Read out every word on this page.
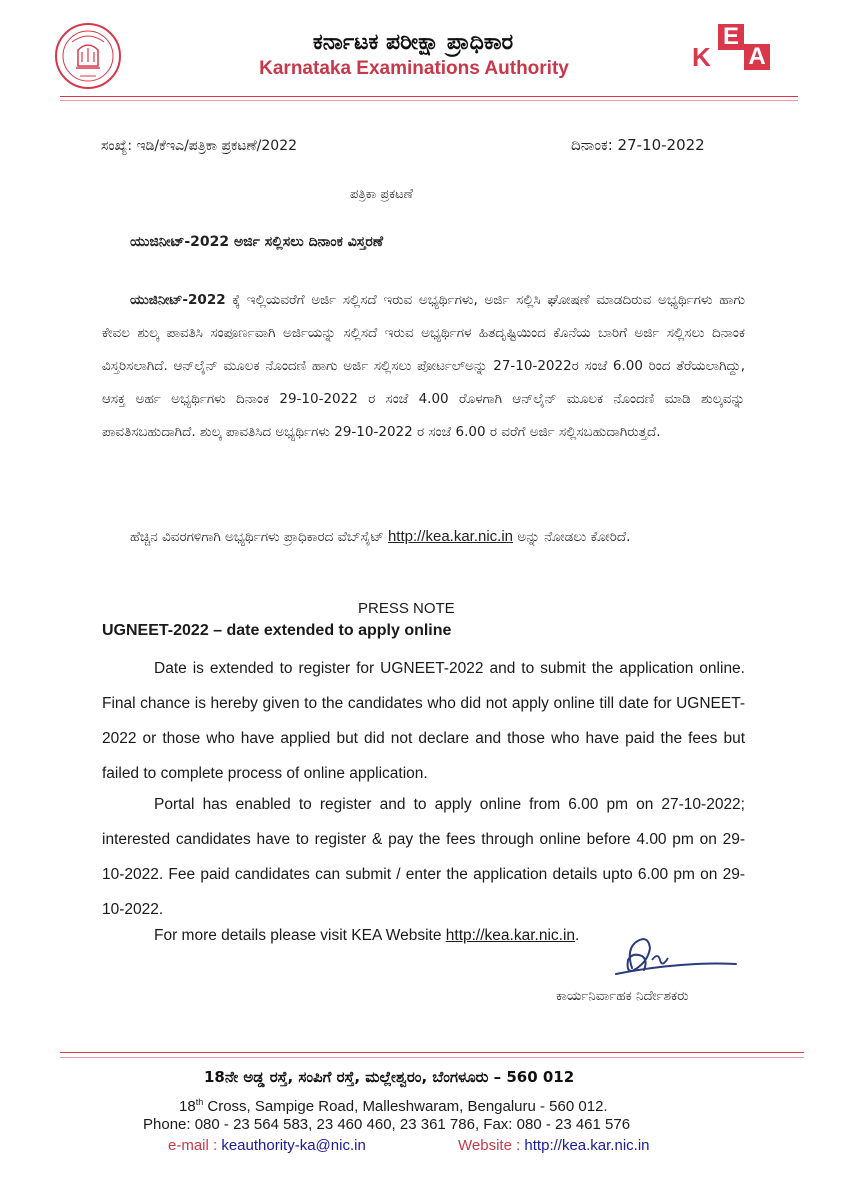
ಕರ್ನಾಟಕ ಪರೀಕ್ಷಾ ಪ್ರಾಧಿಕಾರ
Karnataka Examinations Authority
E
A
K
ಸಂಖ್ಯೆ: ಇಡಿ/ಕೆಇಎ/ಪತ್ರಿಕಾ ಪ್ರಕಟಣೆ/2022	ದಿನಾಂಕ: 27-10-2022
ಪತ್ರಿಕಾ ಪ್ರಕಟಣೆ
ಯುಜಿನೀಟ್-2022 ಅರ್ಜಿ ಸಲ್ಲಿಸಲು ದಿನಾಂಕ ವಿಸ್ತರಣೆ
ಯುಜಿನೀಟ್-2022 ಕ್ಕೆ ಇಲ್ಲಿಯವರೆಗೆ ಅರ್ಜಿ ಸಲ್ಲಿಸದೆ ಇರುವ ಅಭ್ಯರ್ಥಿಗಳು, ಅರ್ಜಿ ಸಲ್ಲಿಸಿ ಘೋಷಣೆ ಮಾಡದಿರುವ ಅಭ್ಯರ್ಥಿಗಳು ಹಾಗು ಕೇವಲ ಶುಲ್ಕ ಪಾವತಿಸಿ ಸಂಪೂರ್ಣವಾಗಿ ಅರ್ಜಿಯನ್ನು ಸಲ್ಲಿಸದೆ ಇರುವ ಅಭ್ಯರ್ಥಿಗಳ ಹಿತದೃಷ್ಟಿಯಿಂದ ಕೊನೆಯ ಬಾರಿಗೆ ಅರ್ಜಿ ಸಲ್ಲಿಸಲು ದಿನಾಂಕ ವಿಸ್ತರಿಸಲಾಗಿದೆ. ಆನ್‌ಲೈನ್ ಮೂಲಕ ನೊಂದಣಿ ಹಾಗು ಅರ್ಜಿ ಸಲ್ಲಿಸಲು ಪೋರ್ಟಲ್‌ಅನ್ನು 27-10-2022ರ ಸಂಜೆ 6.00 ರಿಂದ ತೆರೆಯಲಾಗಿದ್ದು, ಆಸಕ್ತ ಅರ್ಹ ಅಭ್ಯರ್ಥಿಗಳು ದಿನಾಂಕ 29-10-2022 ರ ಸಂಜೆ 4.00 ರೊಳಗಾಗಿ ಆನ್‌ಲೈನ್ ಮೂಲಕ ನೊಂದಣಿ ಮಾಡಿ ಶುಲ್ಕವನ್ನು ಪಾವತಿಸಬಹುದಾಗಿದೆ. ಶುಲ್ಕ ಪಾವತಿಸಿದ ಅಭ್ಯರ್ಥಿಗಳು 29-10-2022 ರ ಸಂಜೆ 6.00 ರ ವರೆಗೆ ಅರ್ಜಿ ಸಲ್ಲಿಸಬಹುದಾಗಿರುತ್ತದೆ.
ಹೆಚ್ಚಿನ ವಿವರಗಳಿಗಾಗಿ ಅಭ್ಯರ್ಥಿಗಳು ಪ್ರಾಧಿಕಾರದ ವೆಬ್‌ಸೈಟ್ http://kea.kar.nic.in ಅನ್ನು ನೋಡಲು ಕೋರಿದೆ.
PRESS NOTE
UGNEET-2022 – date extended to apply online
Date is extended to register for UGNEET-2022 and to submit the application online. Final chance is hereby given to the candidates who did not apply online till date for UGNEET-2022 or those who have applied but did not declare and those who have paid the fees but failed to complete process of online application.
Portal has enabled to register and to apply online from 6.00 pm on 27-10-2022; interested candidates have to register & pay the fees through online before 4.00 pm on 29-10-2022. Fee paid candidates can submit / enter the application details upto 6.00 pm on 29-10-2022.
For more details please visit KEA Website http://kea.kar.nic.in.
ಕಾರ್ಯನಿರ್ವಾಹಕ ನಿರ್ದೇಶಕರು
18ನೇ ಅಡ್ಡ ರಸ್ತೆ, ಸಂಪಿಗೆ ರಸ್ತೆ, ಮಲ್ಲೇಶ್ವರಂ, ಬೆಂಗಳೂರು – 560 012
18th Cross, Sampige Road, Malleshwaram, Bengaluru - 560 012.
Phone: 080 - 23 564 583, 23 460 460, 23 361 786, Fax: 080 - 23 461 576
e-mail : keauthority-ka@nic.in	Website : http://kea.kar.nic.in
